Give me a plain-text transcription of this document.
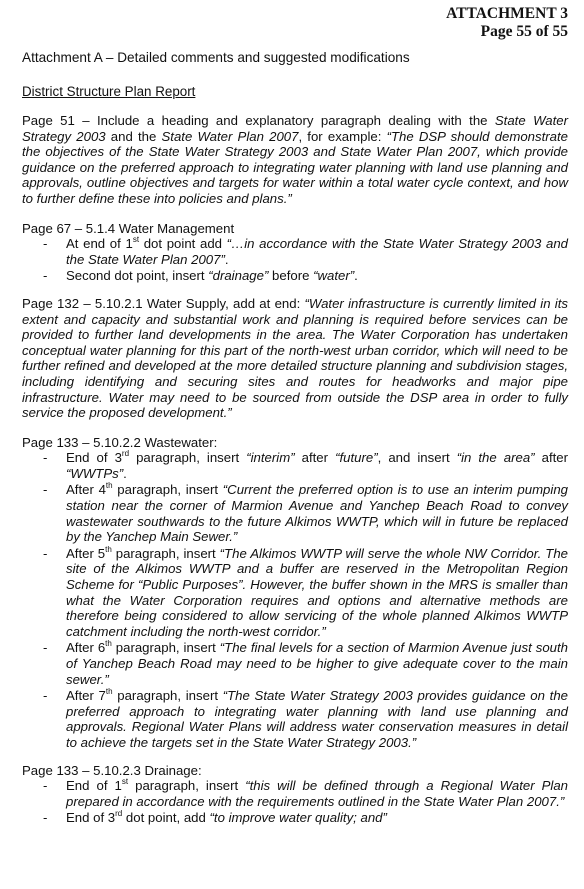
ATTACHMENT 3
Page 55 of 55
Attachment A – Detailed comments and suggested modifications
District Structure Plan Report

Page 51 – Include a heading and explanatory paragraph dealing with the State Water Strategy 2003 and the State Water Plan 2007, for example: “The DSP should demonstrate the objectives of the State Water Strategy 2003 and State Water Plan 2007, which provide guidance on the preferred approach to integrating water planning with land use planning and approvals, outline objectives and targets for water within a total water cycle context, and how to further define these into policies and plans.”

Page 67 – 5.1.4 Water Management

- At end of 1st dot point add “…in accordance with the State Water Strategy 2003 and the State Water Plan 2007”.
- Second dot point, insert “drainage” before “water”.

Page 132 – 5.10.2.1 Water Supply, add at end: “Water infrastructure is currently limited in its extent and capacity and substantial work and planning is required before services can be provided to further land developments in the area. The Water Corporation has undertaken conceptual water planning for this part of the north-west urban corridor, which will need to be further refined and developed at the more detailed structure planning and subdivision stages, including identifying and securing sites and routes for headworks and major pipe infrastructure. Water may need to be sourced from outside the DSP area in order to fully service the proposed development.”

Page 133 – 5.10.2.2 Wastewater:

- End of 3rd paragraph, insert “interim” after “future”, and insert “in the area” after “WWTPs”.
- After 4th paragraph, insert “Current the preferred option is to use an interim pumping station near the corner of Marmion Avenue and Yanchep Beach Road to convey wastewater southwards to the future Alkimos WWTP, which will in future be replaced by the Yanchep Main Sewer.”
- After 5th paragraph, insert “The Alkimos WWTP will serve the whole NW Corridor. The site of the Alkimos WWTP and a buffer are reserved in the Metropolitan Region Scheme for “Public Purposes”. However, the buffer shown in the MRS is smaller than what the Water Corporation requires and options and alternative methods are therefore being considered to allow servicing of the whole planned Alkimos WWTP catchment including the north-west corridor.”
- After 6th paragraph, insert “The final levels for a section of Marmion Avenue just south of Yanchep Beach Road may need to be higher to give adequate cover to the main sewer.”
- After 7th paragraph, insert “The State Water Strategy 2003 provides guidance on the preferred approach to integrating water planning with land use planning and approvals. Regional Water Plans will address water conservation measures in detail to achieve the targets set in the State Water Strategy 2003.”

Page 133 – 5.10.2.3 Drainage:

- End of 1st paragraph, insert “this will be defined through a Regional Water Plan prepared in accordance with the requirements outlined in the State Water Plan 2007.”
- End of 3rd dot point, add “to improve water quality; and”
